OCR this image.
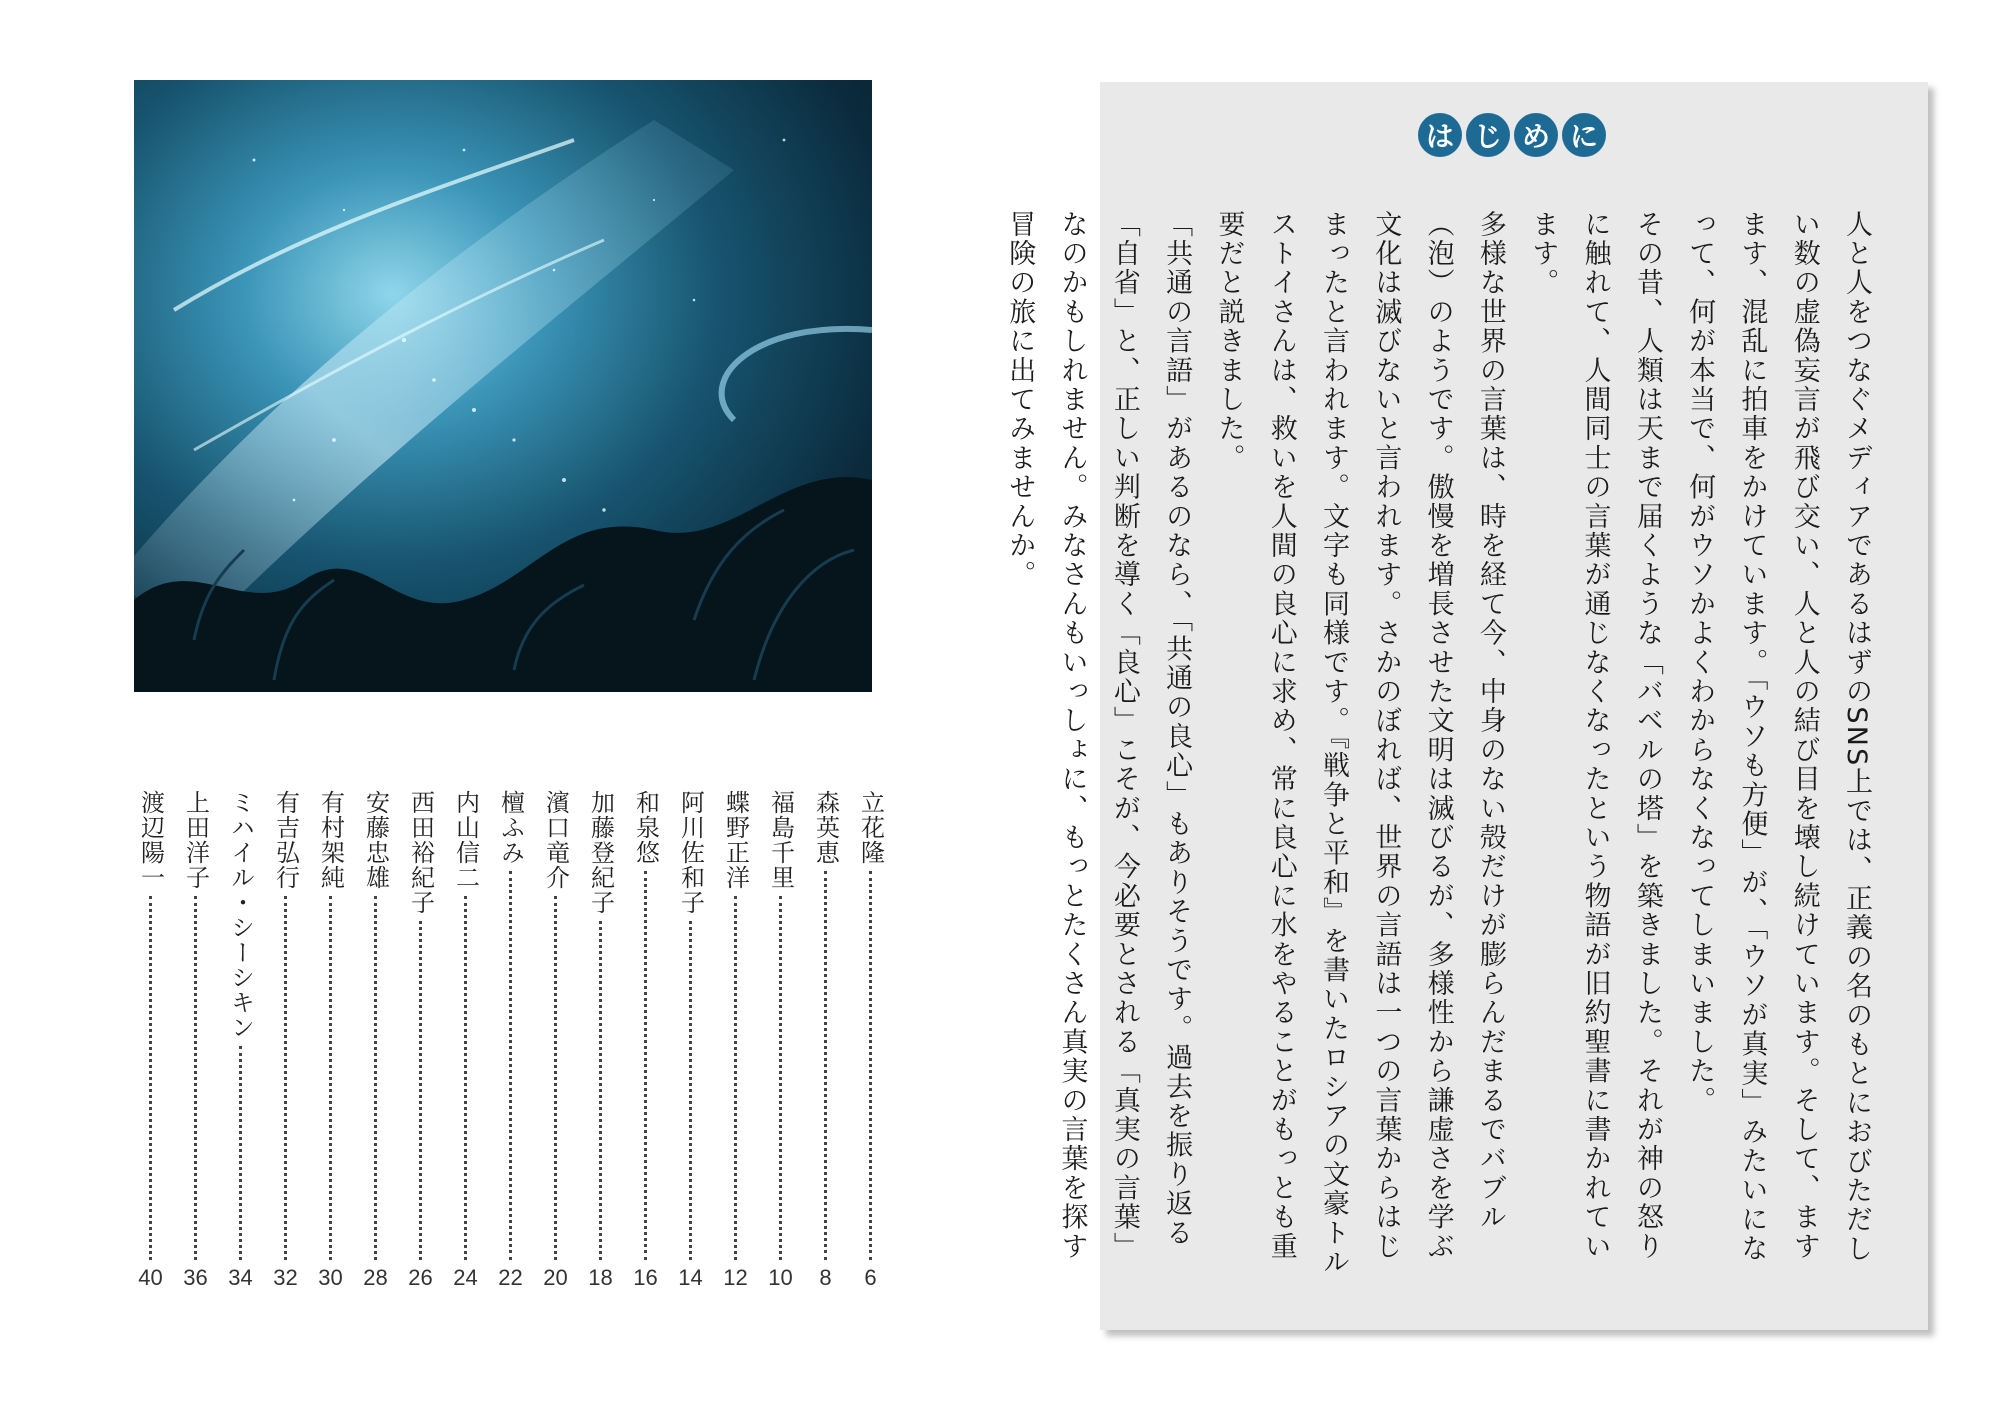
立花隆
6
森英恵
8
福島千里
10
蝶野正洋
12
阿川佐和子
14
和泉悠
16
加藤登紀子
18
濱口竜介
20
檀ふみ
22
内山信二
24
西田裕紀子
26
安藤忠雄
28
有村架純
30
有吉弘行
32
ミハイル・シーシキン
34
上田洋子
36
渡辺陽一
40
は じ め に

人と人をつなぐメディアであるはずのSNS上では、正義の名のもとにおびただしい数の虚偽妄言が飛び交い、人と人の結び目を壊し続けています。そして、ますます、混乱に拍車をかけています。「ウソも方便」が、「ウソが真実」みたいになって、何が本当で、何がウソかよくわからなくなってしまいました。

その昔、人類は天まで届くような「バベルの塔」を築きました。それが神の怒りに触れて、人間同士の言葉が通じなくなったという物語が旧約聖書に書かれています。

多様な世界の言葉は、時を経て今、中身のない殻だけが膨らんだまるでバブル（泡）のようです。傲慢を増長させた文明は滅びるが、多様性から謙虚さを学ぶ文化は滅びないと言われます。さかのぼれば、世界の言語は一つの言葉からはじまったと言われます。文字も同様です。『戦争と平和』を書いたロシアの文豪トルストイさんは、救いを人間の良心に求め、常に良心に水をやることがもっとも重要だと説きました。

「共通の言語」があるのなら、「共通の良心」もありそうです。過去を振り返る「自省」と、正しい判断を導く「良心」こそが、今必要とされる「真実の言葉」なのかもしれません。みなさんもいっしょに、もっとたくさん真実の言葉を探す冒険の旅に出てみませんか。
